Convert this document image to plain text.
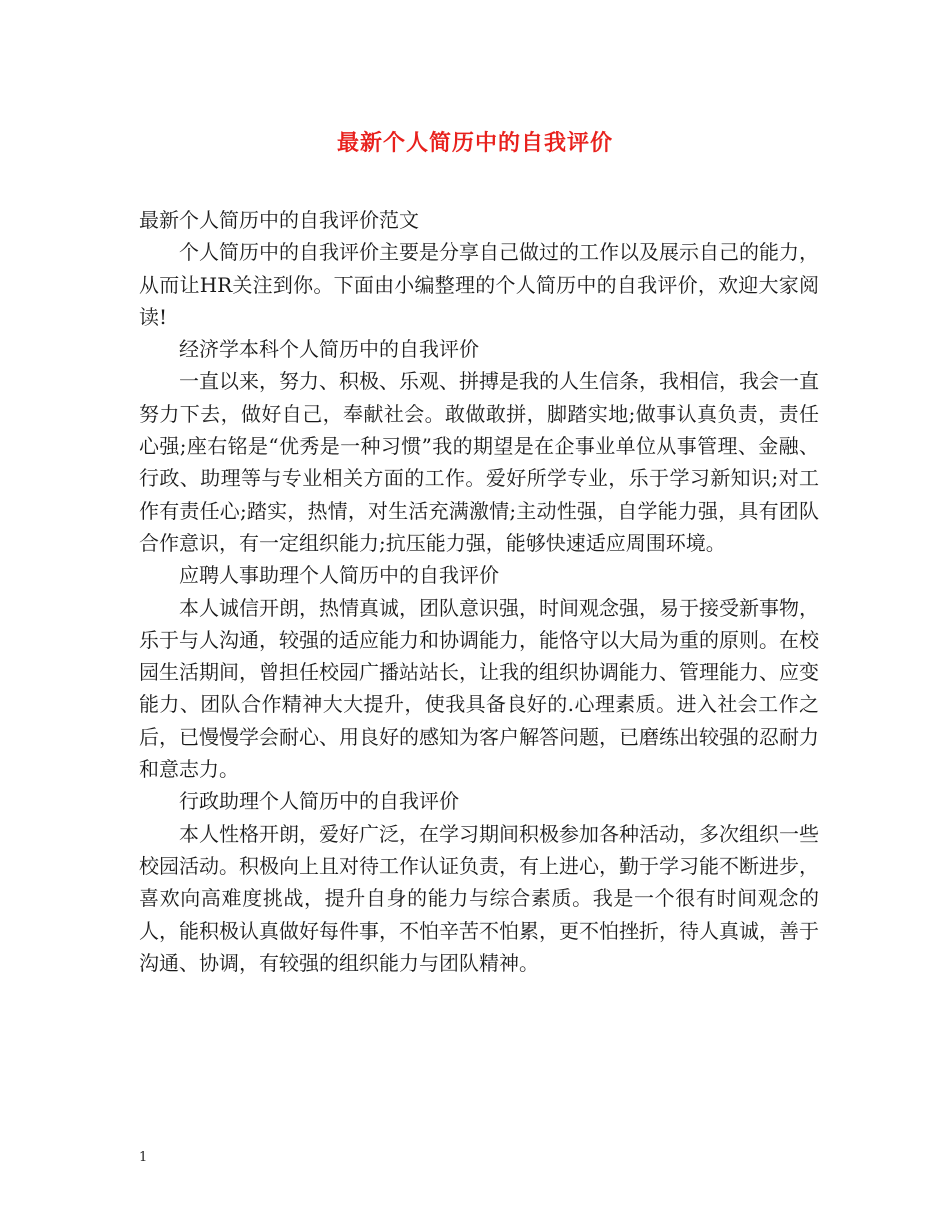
最新个人简历中的自我评价

最新个人简历中的自我评价范文

个人简历中的自我评价主要是分享自己做过的工作以及展示自己的能力，从而让HR关注到你。下面由小编整理的个人简历中的自我评价，欢迎大家阅读!

经济学本科个人简历中的自我评价

一直以来，努力、积极、乐观、拼搏是我的人生信条，我相信，我会一直努力下去，做好自己，奉献社会。敢做敢拼，脚踏实地;做事认真负责，责任心强;座右铭是“优秀是一种习惯”我的期望是在企事业单位从事管理、金融、行政、助理等与专业相关方面的工作。爱好所学专业，乐于学习新知识;对工作有责任心;踏实，热情，对生活充满激情;主动性强，自学能力强，具有团队合作意识，有一定组织能力;抗压能力强，能够快速适应周围环境。

应聘人事助理个人简历中的自我评价

本人诚信开朗，热情真诚，团队意识强，时间观念强，易于接受新事物，乐于与人沟通，较强的适应能力和协调能力，能恪守以大局为重的原则。在校园生活期间，曾担任校园广播站站长，让我的组织协调能力、管理能力、应变能力、团队合作精神大大提升，使我具备良好的.心理素质。进入社会工作之后，已慢慢学会耐心、用良好的感知为客户解答问题，已磨练出较强的忍耐力和意志力。

行政助理个人简历中的自我评价

本人性格开朗，爱好广泛，在学习期间积极参加各种活动，多次组织一些校园活动。积极向上且对待工作认证负责，有上进心，勤于学习能不断进步，喜欢向高难度挑战，提升自身的能力与综合素质。我是一个很有时间观念的人，能积极认真做好每件事，不怕辛苦不怕累，更不怕挫折，待人真诚，善于沟通、协调，有较强的组织能力与团队精神。

1
